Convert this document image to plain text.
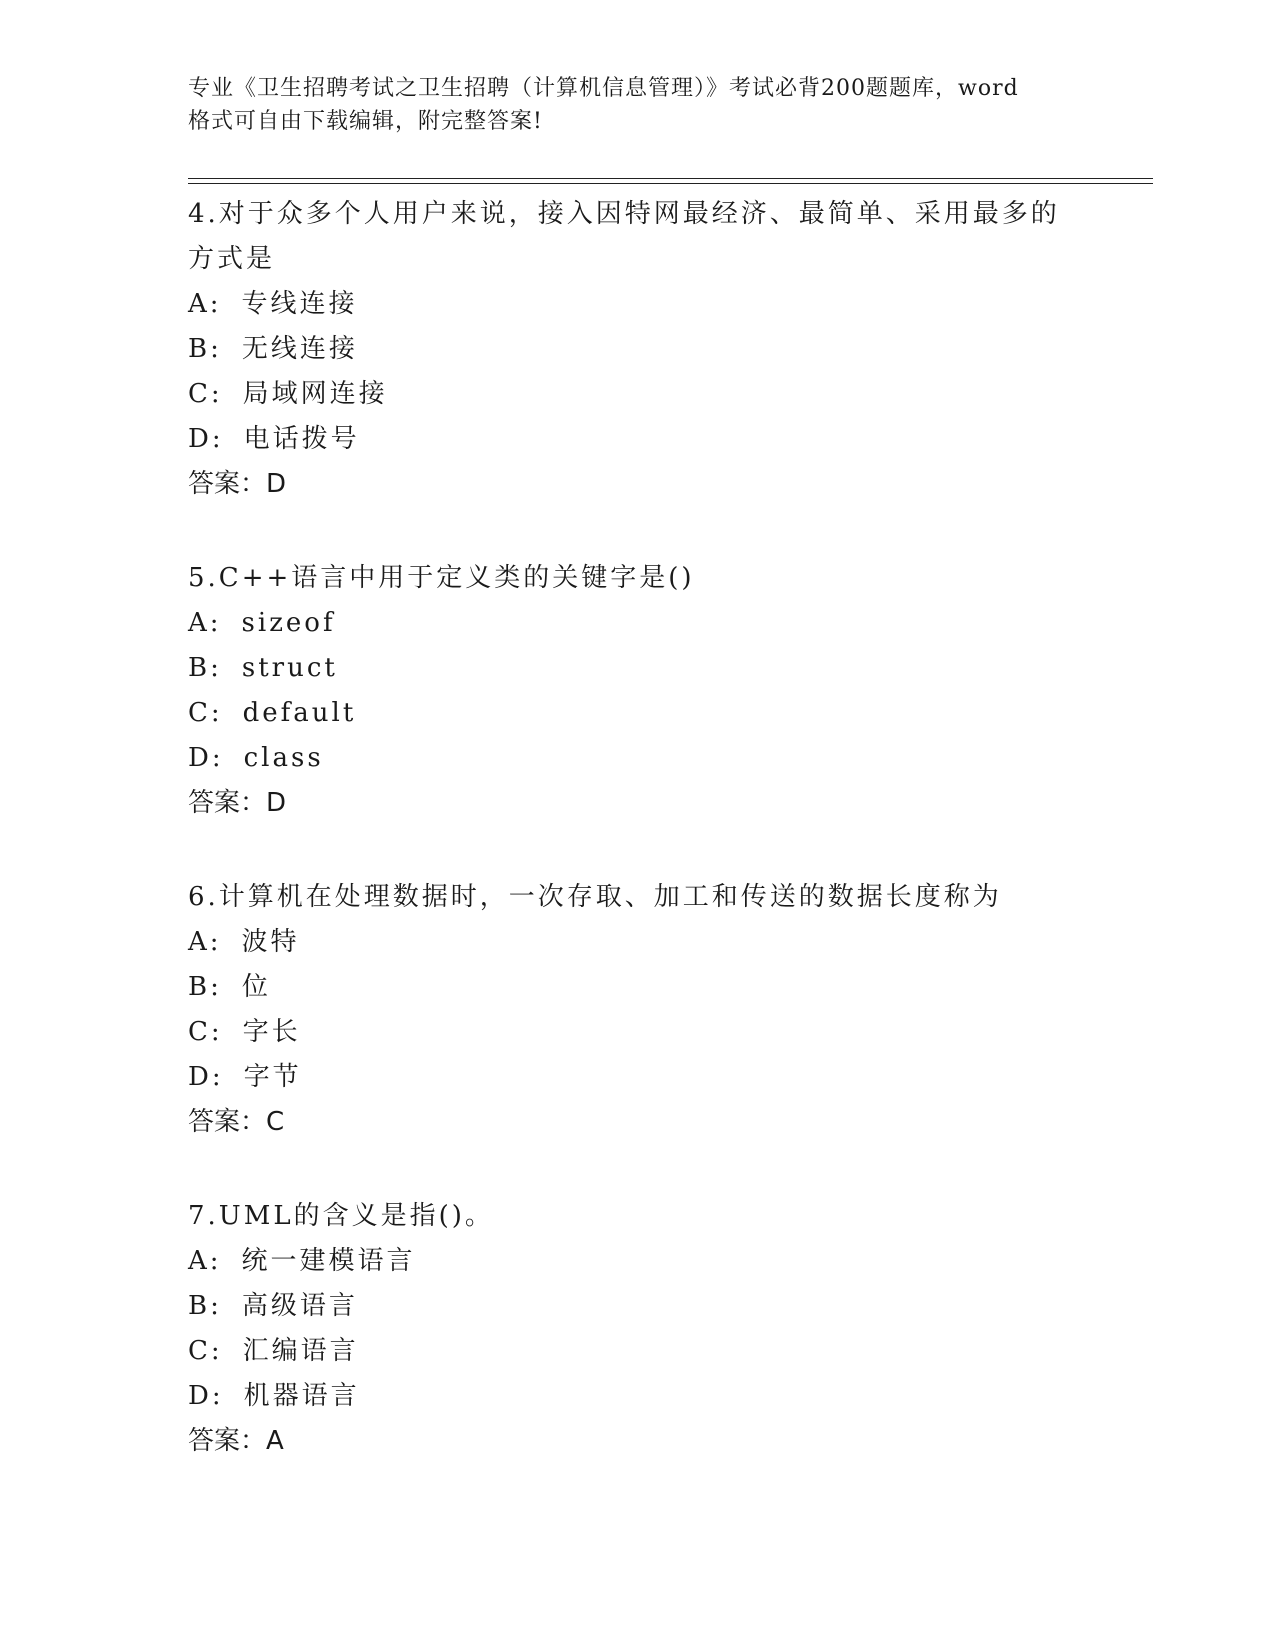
专业《卫生招聘考试之卫生招聘（计算机信息管理）》考试必背200题题库，word

格式可自由下载编辑，附完整答案!

4.对于众多个人用户来说，接入因特网最经济、最简单、采用最多的

方式是

A: 专线连接

B: 无线连接

C: 局域网连接

D: 电话拨号

答案：D

5.C++语言中用于定义类的关键字是()

A: sizeof

B: struct

C: default

D: class

答案：D

6.计算机在处理数据时，一次存取、加工和传送的数据长度称为

A: 波特

B: 位

C: 字长

D: 字节

答案：C

7.UML的含义是指()。

A: 统一建模语言

B: 高级语言

C: 汇编语言

D: 机器语言

答案：A
